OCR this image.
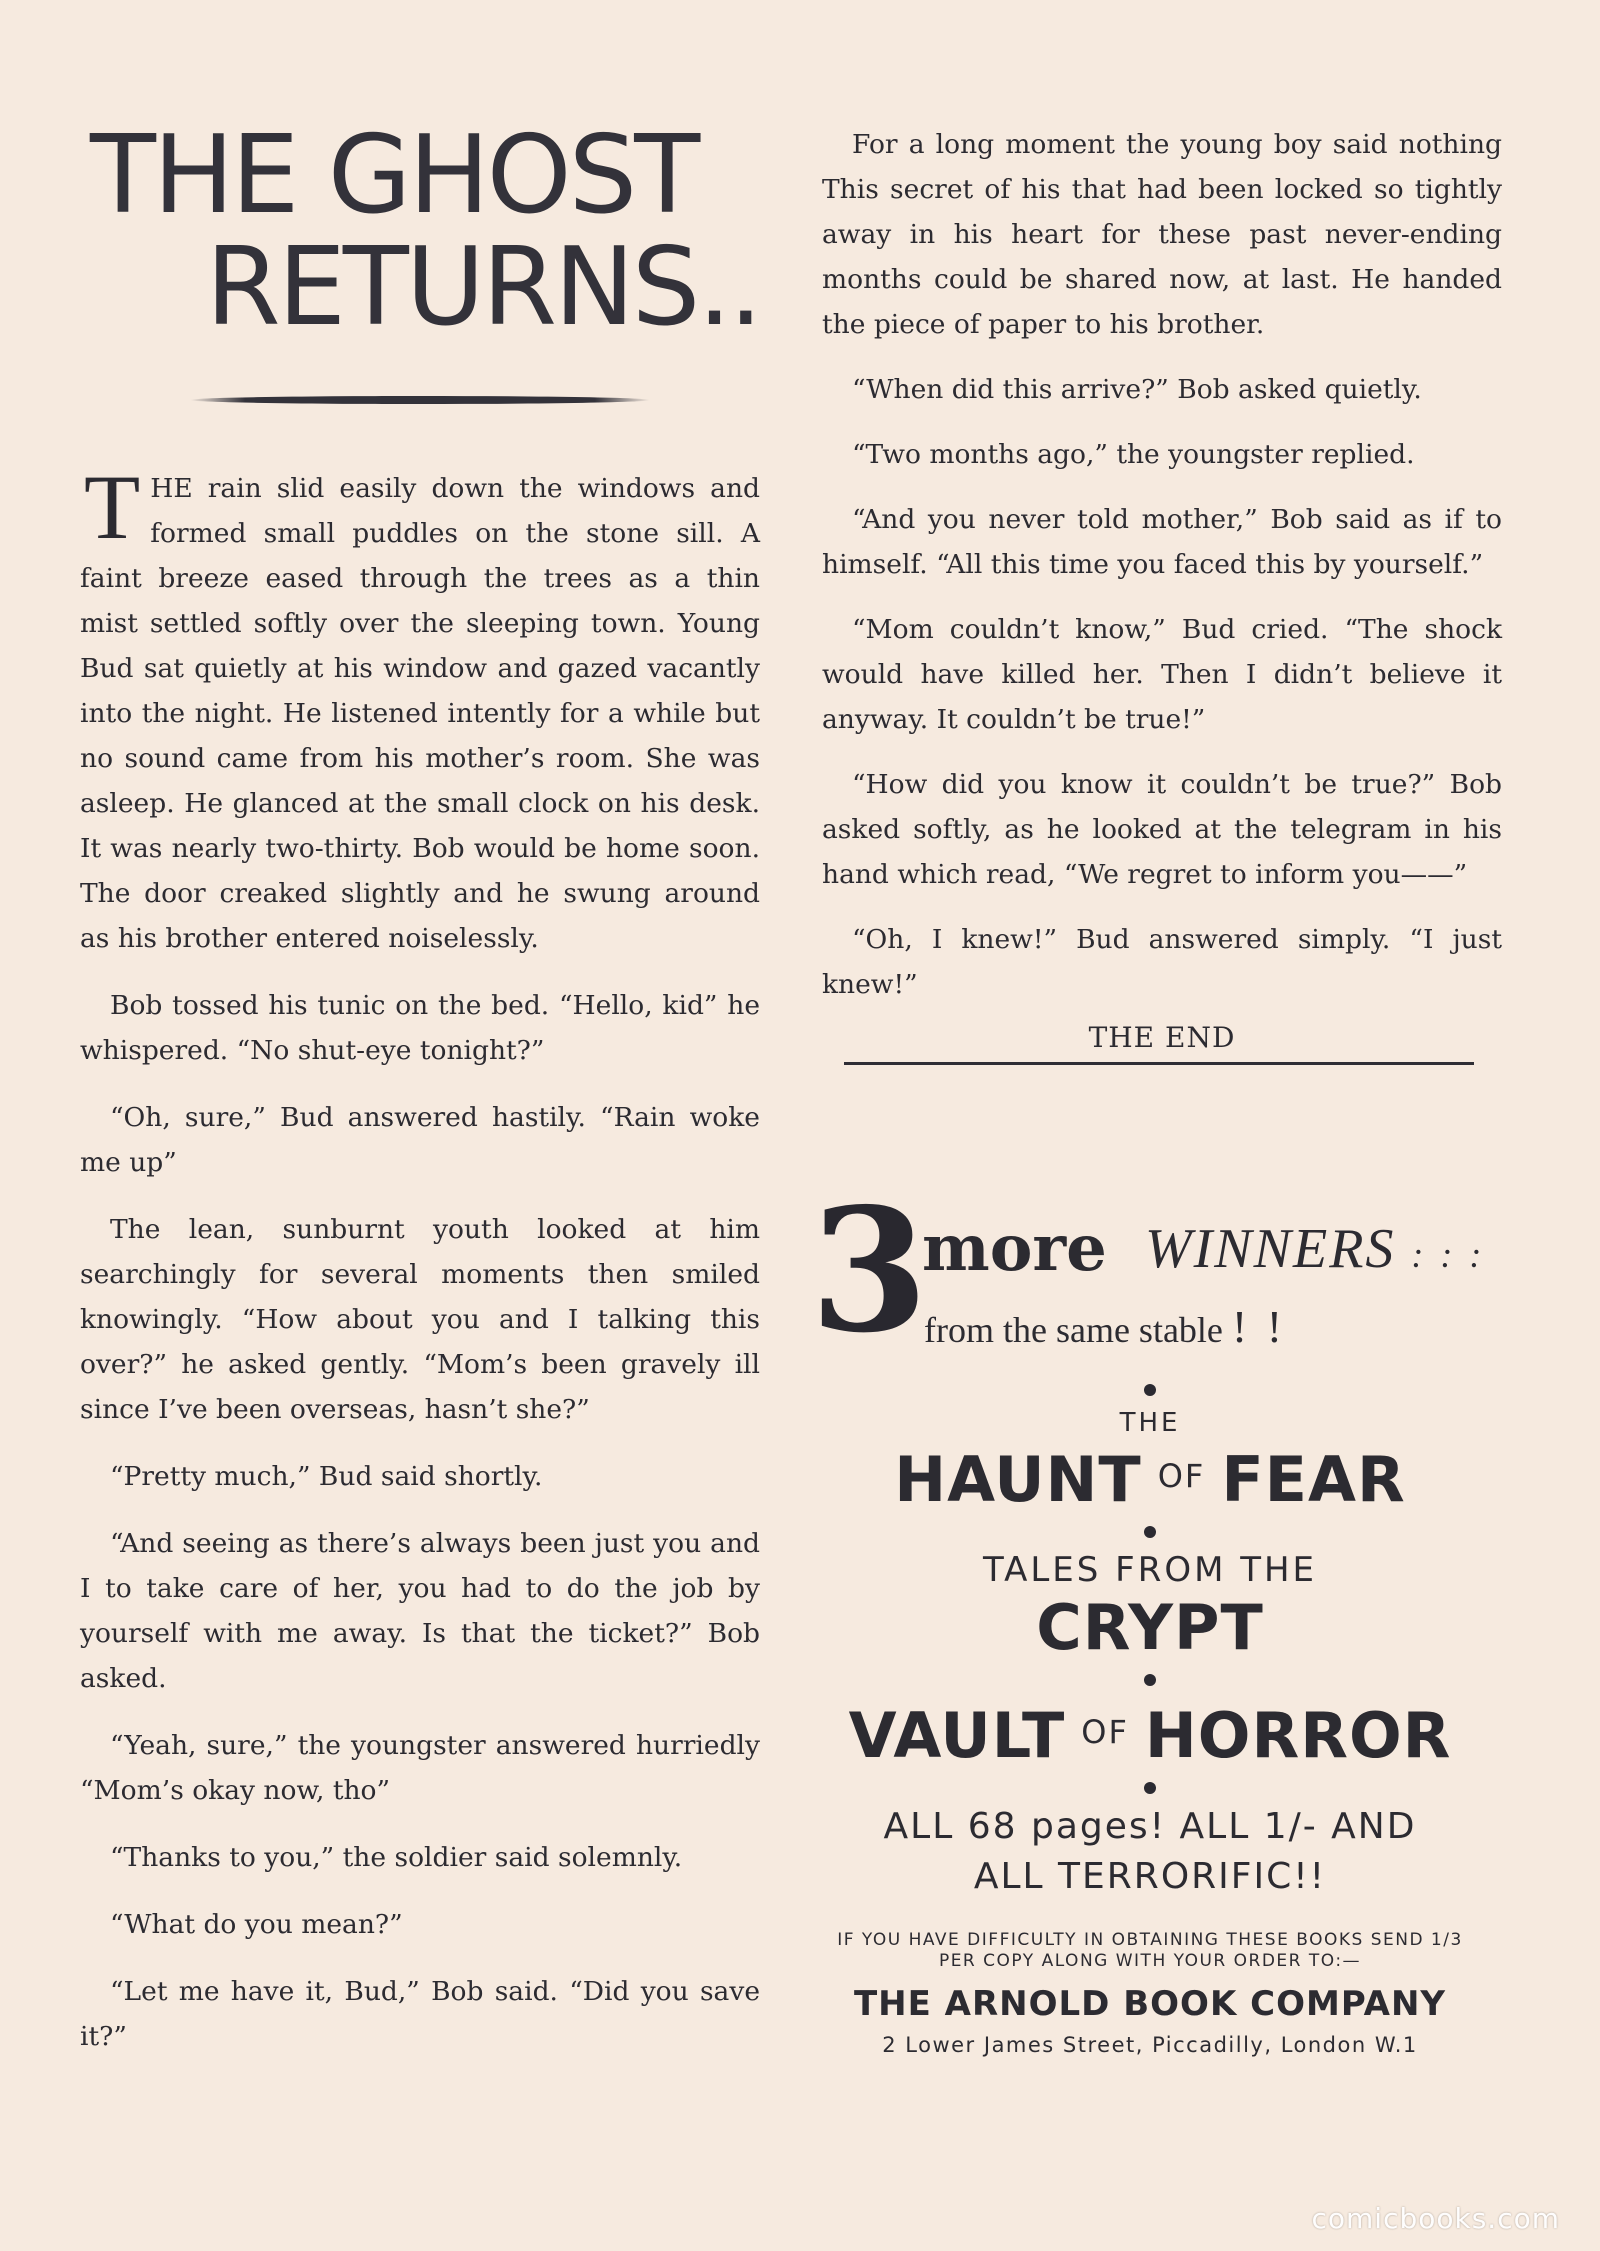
THE GHOST
RETURNS..

THE rain slid easily down the windows and formed small puddles on the stone sill. A faint breeze eased through the trees as a thin mist settled softly over the sleeping town. Young Bud sat quietly at his window and gazed vacantly into the night. He listened intently for a while but no sound came from his mother’s room. She was asleep. He glanced at the small clock on his desk. It was nearly two-thirty. Bob would be home soon. The door creaked slightly and he swung around as his brother entered noiselessly.

Bob tossed his tunic on the bed. “Hello, kid” he whispered. “No shut-eye tonight?”

“Oh, sure,” Bud answered hastily. “Rain woke me up”

The lean, sunburnt youth looked at him searchingly for several moments then smiled knowingly. “How about you and I talking this over?” he asked gently. “Mom’s been gravely ill since I’ve been overseas, hasn’t she?”

“Pretty much,” Bud said shortly.

“And seeing as there’s always been just you and I to take care of her, you had to do the job by yourself with me away. Is that the ticket?” Bob asked.

“Yeah, sure,” the youngster answered hurriedly “Mom’s okay now, tho”

“Thanks to you,” the soldier said solemnly.

“What do you mean?”

“Let me have it, Bud,” Bob said. “Did you save it?”

For a long moment the young boy said nothing This secret of his that had been locked so tightly away in his heart for these past never-ending months could be shared now, at last. He handed the piece of paper to his brother.

“When did this arrive?” Bob asked quietly.

“Two months ago,” the youngster replied.

“And you never told mother,” Bob said as if to himself. “All this time you faced this by yourself.”

“Mom couldn’t know,” Bud cried. “The shock would have killed her. Then I didn’t believe it anyway. It couldn’t be true!”

“How did you know it couldn’t be true?” Bob asked softly, as he looked at the telegram in his hand which read, “We regret to inform you——”

“Oh, I knew!” Bud answered simply. “I just knew!”

THE END
3
more WINNERS : : :
from the same stable ! !
THE
HAUNT $^{OF}$ FEAR
TALES FROM THE
CRYPT
VAULT $^{OF}$ HORROR
ALL 68 pages! ALL 1/- AND
ALL TERRORIFIC!!
IF YOU HAVE DIFFICULTY IN OBTAINING THESE BOOKS SEND 1/3
PER COPY ALONG WITH YOUR ORDER TO:—
THE ARNOLD BOOK COMPANY
2 Lower James Street, Piccadilly, London W.1
comicbooks.com
